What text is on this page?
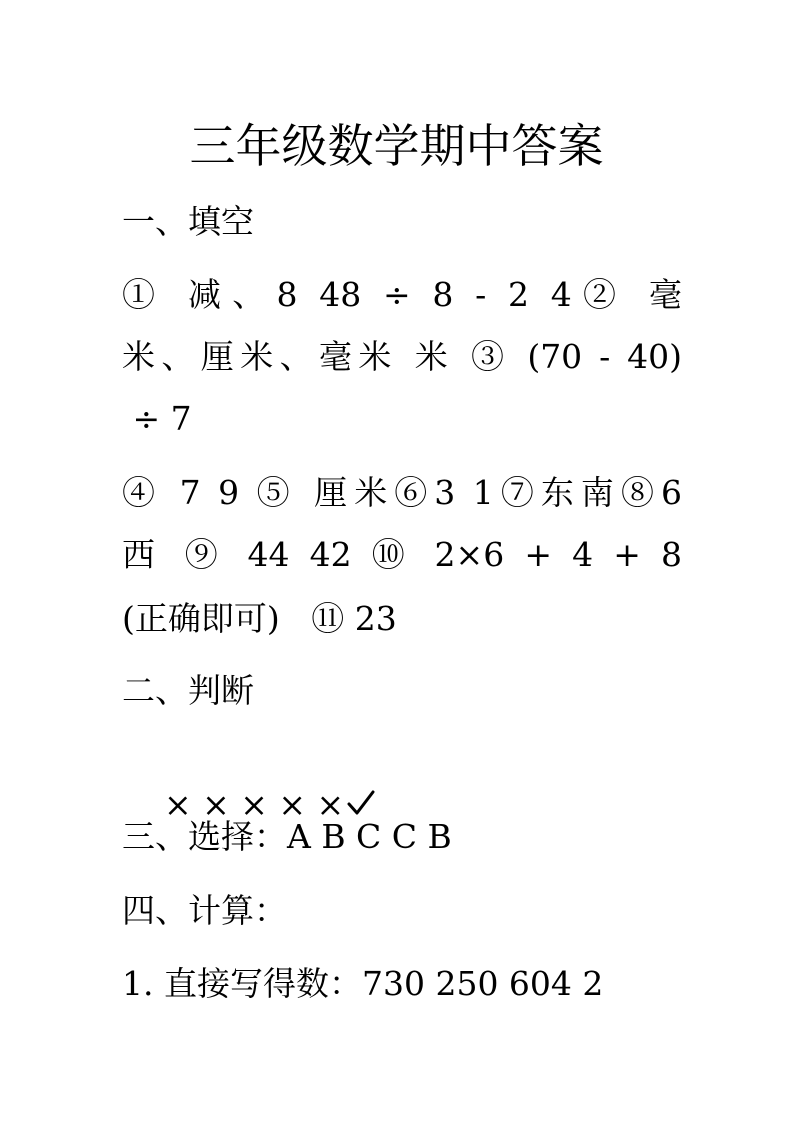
三年级数学期中答案
一、填空
① 减、8 48 ÷ 8 - 2 4② 毫
米、厘米、毫米 米 ③ (70 - 40)
÷ 7
④ 7 9 ⑤ 厘米⑥3 1⑦东南⑧6
西 ⑨ 44 42 ⑩ 2×6 + 4 + 8
(正确即可)   ⑪ 23
二、判断

× × × × ×

三、选择：A B C C B
四、计算：
1. 直接写得数：730 250 604 2
